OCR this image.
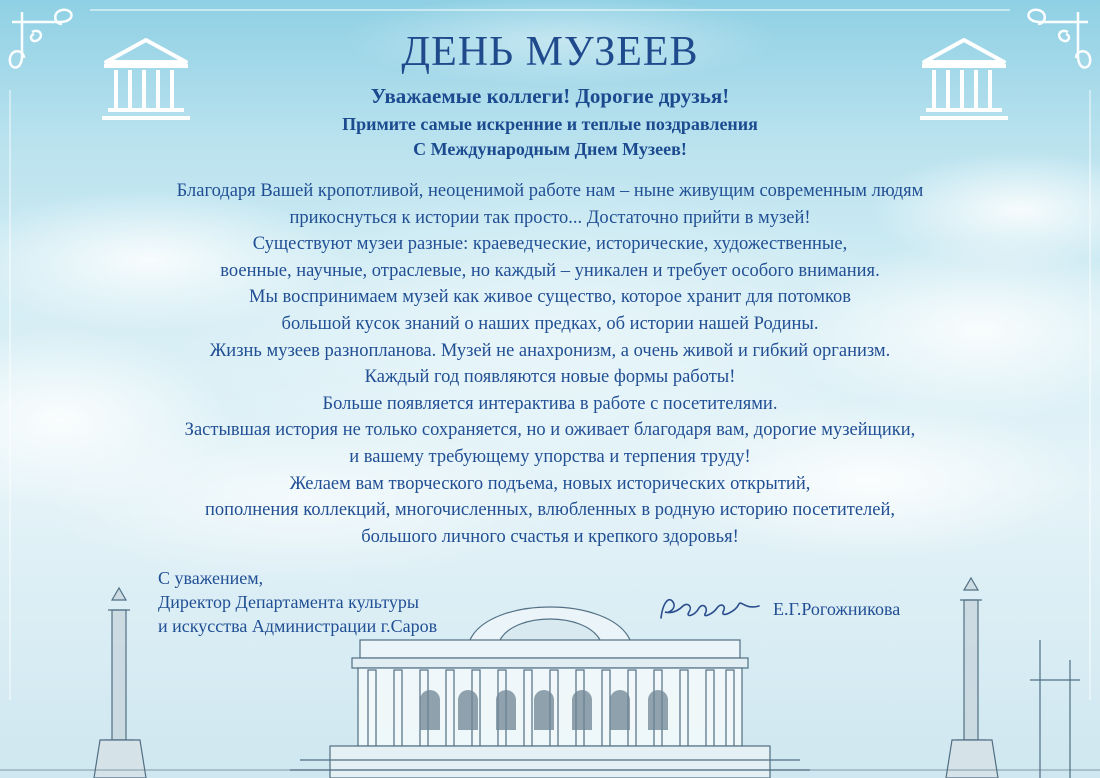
ДЕНЬ МУЗЕЕВ
Уважаемые коллеги! Дорогие друзья!
Примите самые искренние и теплые поздравления
С Международным Днем Музеев!
Благодаря Вашей кропотливой, неоценимой работе нам – ныне живущим современным людям
прикоснуться к истории так просто... Достаточно прийти в музей!
Существуют музеи разные: краеведческие, исторические, художественные,
военные, научные, отраслевые, но каждый – уникален и требует особого внимания.
Мы воспринимаем музей как живое существо, которое хранит для потомков
большой кусок знаний о наших предках, об истории нашей Родины.
Жизнь музеев разнопланова. Музей не анахронизм, а очень живой и гибкий организм.
Каждый год появляются новые формы работы!
Больше появляется интерактива в работе с посетителями.
Застывшая история не только сохраняется, но и оживает благодаря вам, дорогие музейщики,
и вашему требующему упорства и терпения труду!
Желаем вам творческого подъема, новых исторических открытий,
пополнения коллекций, многочисленных, влюбленных в родную историю посетителей,
большого личного счастья и крепкого здоровья!
С уважением,
Директор Департамента культуры
и искусства Администрации г.Саров
Е.Г.Рогожникова
